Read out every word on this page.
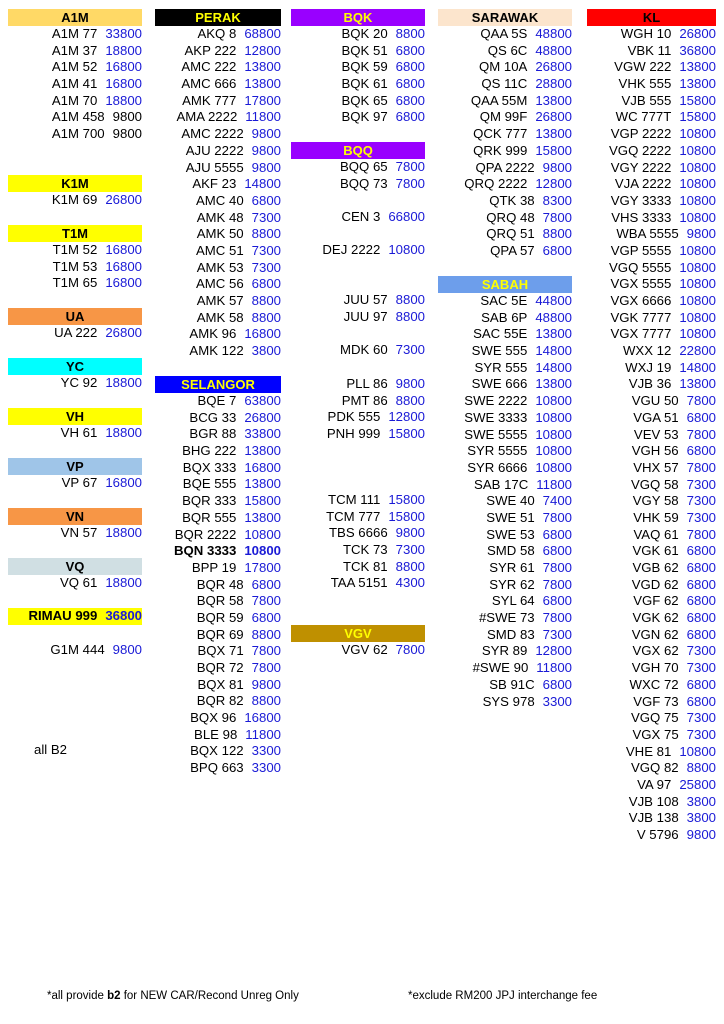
A1M
A1M 77 33800
A1M 37 18800
A1M 52 16800
A1M 41 16800
A1M 70 18800
A1M 458 9800
A1M 700 9800
K1M
K1M 69 26800
T1M
T1M 52 16800
T1M 53 16800
T1M 65 16800
UA
UA 222 26800
YC
YC 92 18800
VH
VH 61 18800
VP
VP 67 16800
VN
VN 57 18800
VQ
VQ 61 18800
RIMAU 999 36800
G1M 444 9800
all B2
PERAK
AKQ 8 68800
AKP 222 12800
AMC 222 13800
AMC 666 13800
AMK 777 17800
AMA 2222 11800
AMC 2222 9800
AJU 2222 9800
AJU 5555 9800
AKF 23 14800
AMC 40 6800
AMK 48 7300
AMK 50 8800
AMC 51 7300
AMK 53 7300
AMC 56 6800
AMK 57 8800
AMK 58 8800
AMK 96 16800
AMK 122 3800
SELANGOR
BQE 7 63800
BCG 33 26800
BGR 88 33800
BHG 222 13800
BQX 333 16800
BQE 555 13800
BQR 333 15800
BQR 555 13800
BQR 2222 10800
BQN 3333 10800
BPP 19 17800
BQR 48 6800
BQR 58 7800
BQR 59 6800
BQR 69 8800
BQX 71 7800
BQR 72 7800
BQX 81 9800
BQR 82 8800
BQX 96 16800
BLE 98 11800
BQX 122 3300
BPQ 663 3300
BQK
BQK 20 8800
BQK 51 6800
BQK 59 6800
BQK 61 6800
BQK 65 6800
BQK 97 6800
BQQ
BQQ 65 7800
BQQ 73 7800
CEN 3 66800
DEJ 2222 10800
JUU 57 8800
JUU 97 8800
MDK 60 7300
PLL 86 9800
PMT 86 8800
PDK 555 12800
PNH 999 15800
TCM 111 15800
TCM 777 15800
TBS 6666 9800
TCK 73 7300
TCK 81 8800
TAA 5151 4300
VGV
VGV 62 7800
SARAWAK
QAA 5S 48800
QS 6C 48800
QM 10A 26800
QS 11C 28800
QAA 55M 13800
QM 99F 26800
QCK 777 13800
QRK 999 15800
QPA 2222 9800
QRQ 2222 12800
QTK 38 8300
QRQ 48 7800
QRQ 51 8800
QPA 57 6800
SABAH
SAC 5E 44800
SAB 6P 48800
SAC 55E 13800
SWE 555 14800
SYR 555 14800
SWE 666 13800
SWE 2222 10800
SWE 3333 10800
SWE 5555 10800
SYR 5555 10800
SYR 6666 10800
SAB 17C 11800
SWE 40 7400
SWE 51 7800
SWE 53 6800
SMD 58 6800
SYR 61 7800
SYR 62 7800
SYL 64 6800
#SWE 73 7800
SMD 83 7300
SYR 89 12800
#SWE 90 11800
SB 91C 6800
SYS 978 3300
KL
WGH 10 26800
VBK 11 36800
VGW 222 13800
VHK 555 13800
VJB 555 15800
WC 777T 15800
VGP 2222 10800
VGQ 2222 10800
VGY 2222 10800
VJA 2222 10800
VGY 3333 10800
VHS 3333 10800
WBA 5555 9800
VGP 5555 10800
VGQ 5555 10800
VGX 5555 10800
VGX 6666 10800
VGK 7777 10800
VGX 7777 10800
WXX 12 22800
WXJ 19 14800
VJB 36 13800
VGU 50 7800
VGA 51 6800
VEV 53 7800
VGH 56 6800
VHX 57 7800
VGQ 58 7300
VGY 58 7300
VHK 59 7300
VAQ 61 7800
VGK 61 6800
VGB 62 6800
VGD 62 6800
VGF 62 6800
VGK 62 6800
VGN 62 6800
VGX 62 7300
VGH 70 7300
WXC 72 6800
VGF 73 6800
VGQ 75 7300
VGX 75 7300
VHE 81 10800
VGQ 82 8800
VA 97 25800
VJB 108 3800
VJB 138 3800
V 5796 9800
*all provide b2 for NEW CAR/Recond Unreg Only	*exclude RM200 JPJ interchange fee
